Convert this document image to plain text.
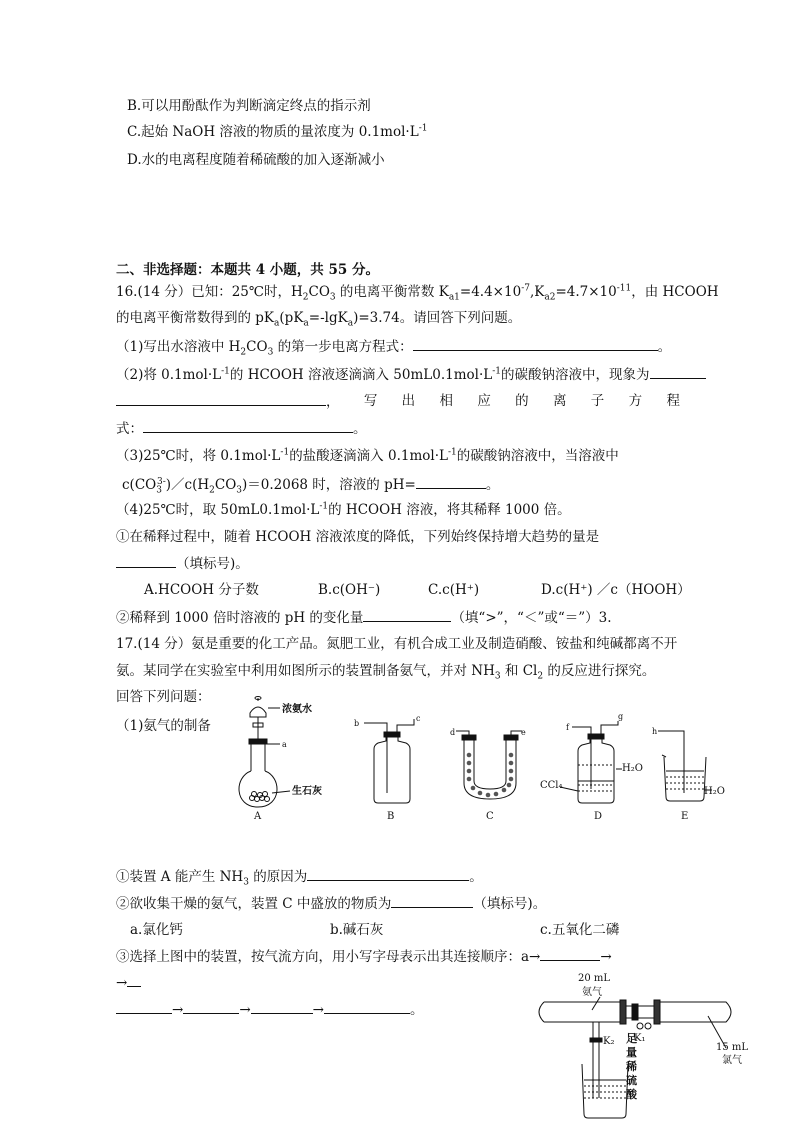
B.可以用酚酞作为判断滴定终点的指示剂
C.起始 NaOH 溶液的物质的量浓度为 $0.1mol\cdot L^{-1}$
D.水的电离程度随着稀硫酸的加入逐渐减小
二、非选择题：本题共 4 小题，共 55 分。
16.(14 分）已知：25℃时，$H_2CO_3$ 的电离平衡常数 $K_{a1}=4.4\times 10^{-7},K_{a2}=4.7\times 10^{-11}$，由 HCOOH
的电离平衡常数得到的 $pK_a(pK_a=-\lg K_a)=3.74$。请回答下列问题。
（1)写出水溶液中 $H_2CO_3$ 的第一步电离方程式：	。
（2)将 $0.1mol\cdot L^{-1}$的 HCOOH 溶液逐滴滴入 $50mL0.1mol\cdot L^{-1}$的碳酸钠溶液中，现象为
， 写 出 相 应 的 离 子 方 程
式：	。
（3)25℃时，将 $0.1mol\cdot L^{-1}$的盐酸逐滴滴入 $0.1mol\cdot L^{-1}$的碳酸钠溶液中，当溶液中
$c(CO_3^{3-})/c(H_2CO_3)=0.2068$ 时，溶液的 pH=	。
（4)25℃时，取 $50mL0.1mol\cdot L^{-1}$的 HCOOH 溶液，将其稀释 1000 倍。
①在稀释过程中，随着 HCOOH 溶液浓度的降低，下列始终保持增大趋势的量是
（填标号)。
A.HCOOH 分子数	B.c(OH⁻)	C.c(H⁺)	D.c(H⁺) ／c（HOOH）
②稀释到 1000 倍时溶液的 pH 的变化量	（填“>”，“＜”或“＝”）3.
17.(14 分）氨是重要的化工产品。氮肥工业，有机合成工业及制造硝酸、铵盐和纯碱都离不开
氨。某同学在实验室中利用如图所示的装置制备氨气，并对 $NH_3$ 和 $Cl_2$ 的反应进行探究。
回答下列问题：
（1)氨气的制备
浓氨水
a
生石灰
A
b
c
B
d	e
C
f
g
H₂O
CCl₄
D
h
H₂O
E
①装置 A 能产生 $NH_3$ 的原因为	。
②欲收集干燥的氨气，装置 C 中盛放的物质为	（填标号)。
a.氯化钙	b.碱石灰	c.五氧化二磷
③选择上图中的装置，按气流方向，用小写字母表示出其连接顺序：a→	→
→
→	→	→	。
20 mL
氨气
K₁
K₂
15 mL
氯气
足
量
稀
硫
酸
